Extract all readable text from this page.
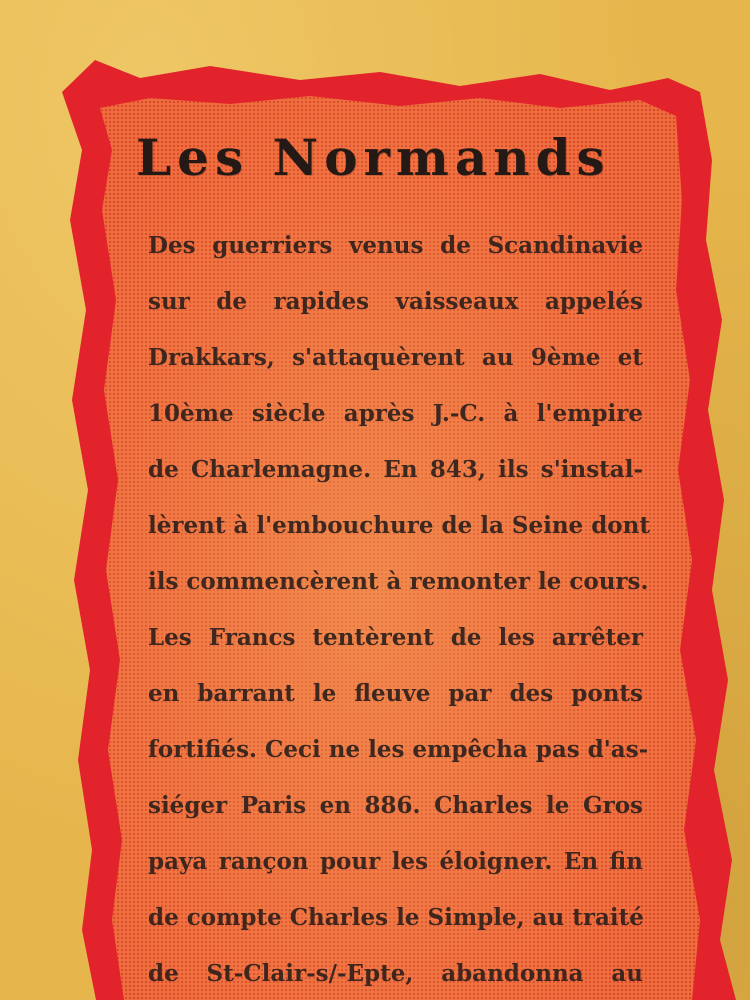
Les Normands
Des guerriers venus de Scandinavie
sur de rapides vaisseaux appelés
Drakkars, s'attaquèrent au 9ème et
10ème siècle après J.-C. à l'empire
de Charlemagne. En 843, ils s'instal-
lèrent à l'embouchure de la Seine dont
ils commencèrent à remonter le cours.
Les Francs tentèrent de les arrêter
en barrant le fleuve par des ponts
fortifiés. Ceci ne les empêcha pas d'as-
siéger Paris en 886. Charles le Gros
paya rançon pour les éloigner. En fin
de compte Charles le Simple, au traité
de St-Clair-s/-Epte, abandonna au
